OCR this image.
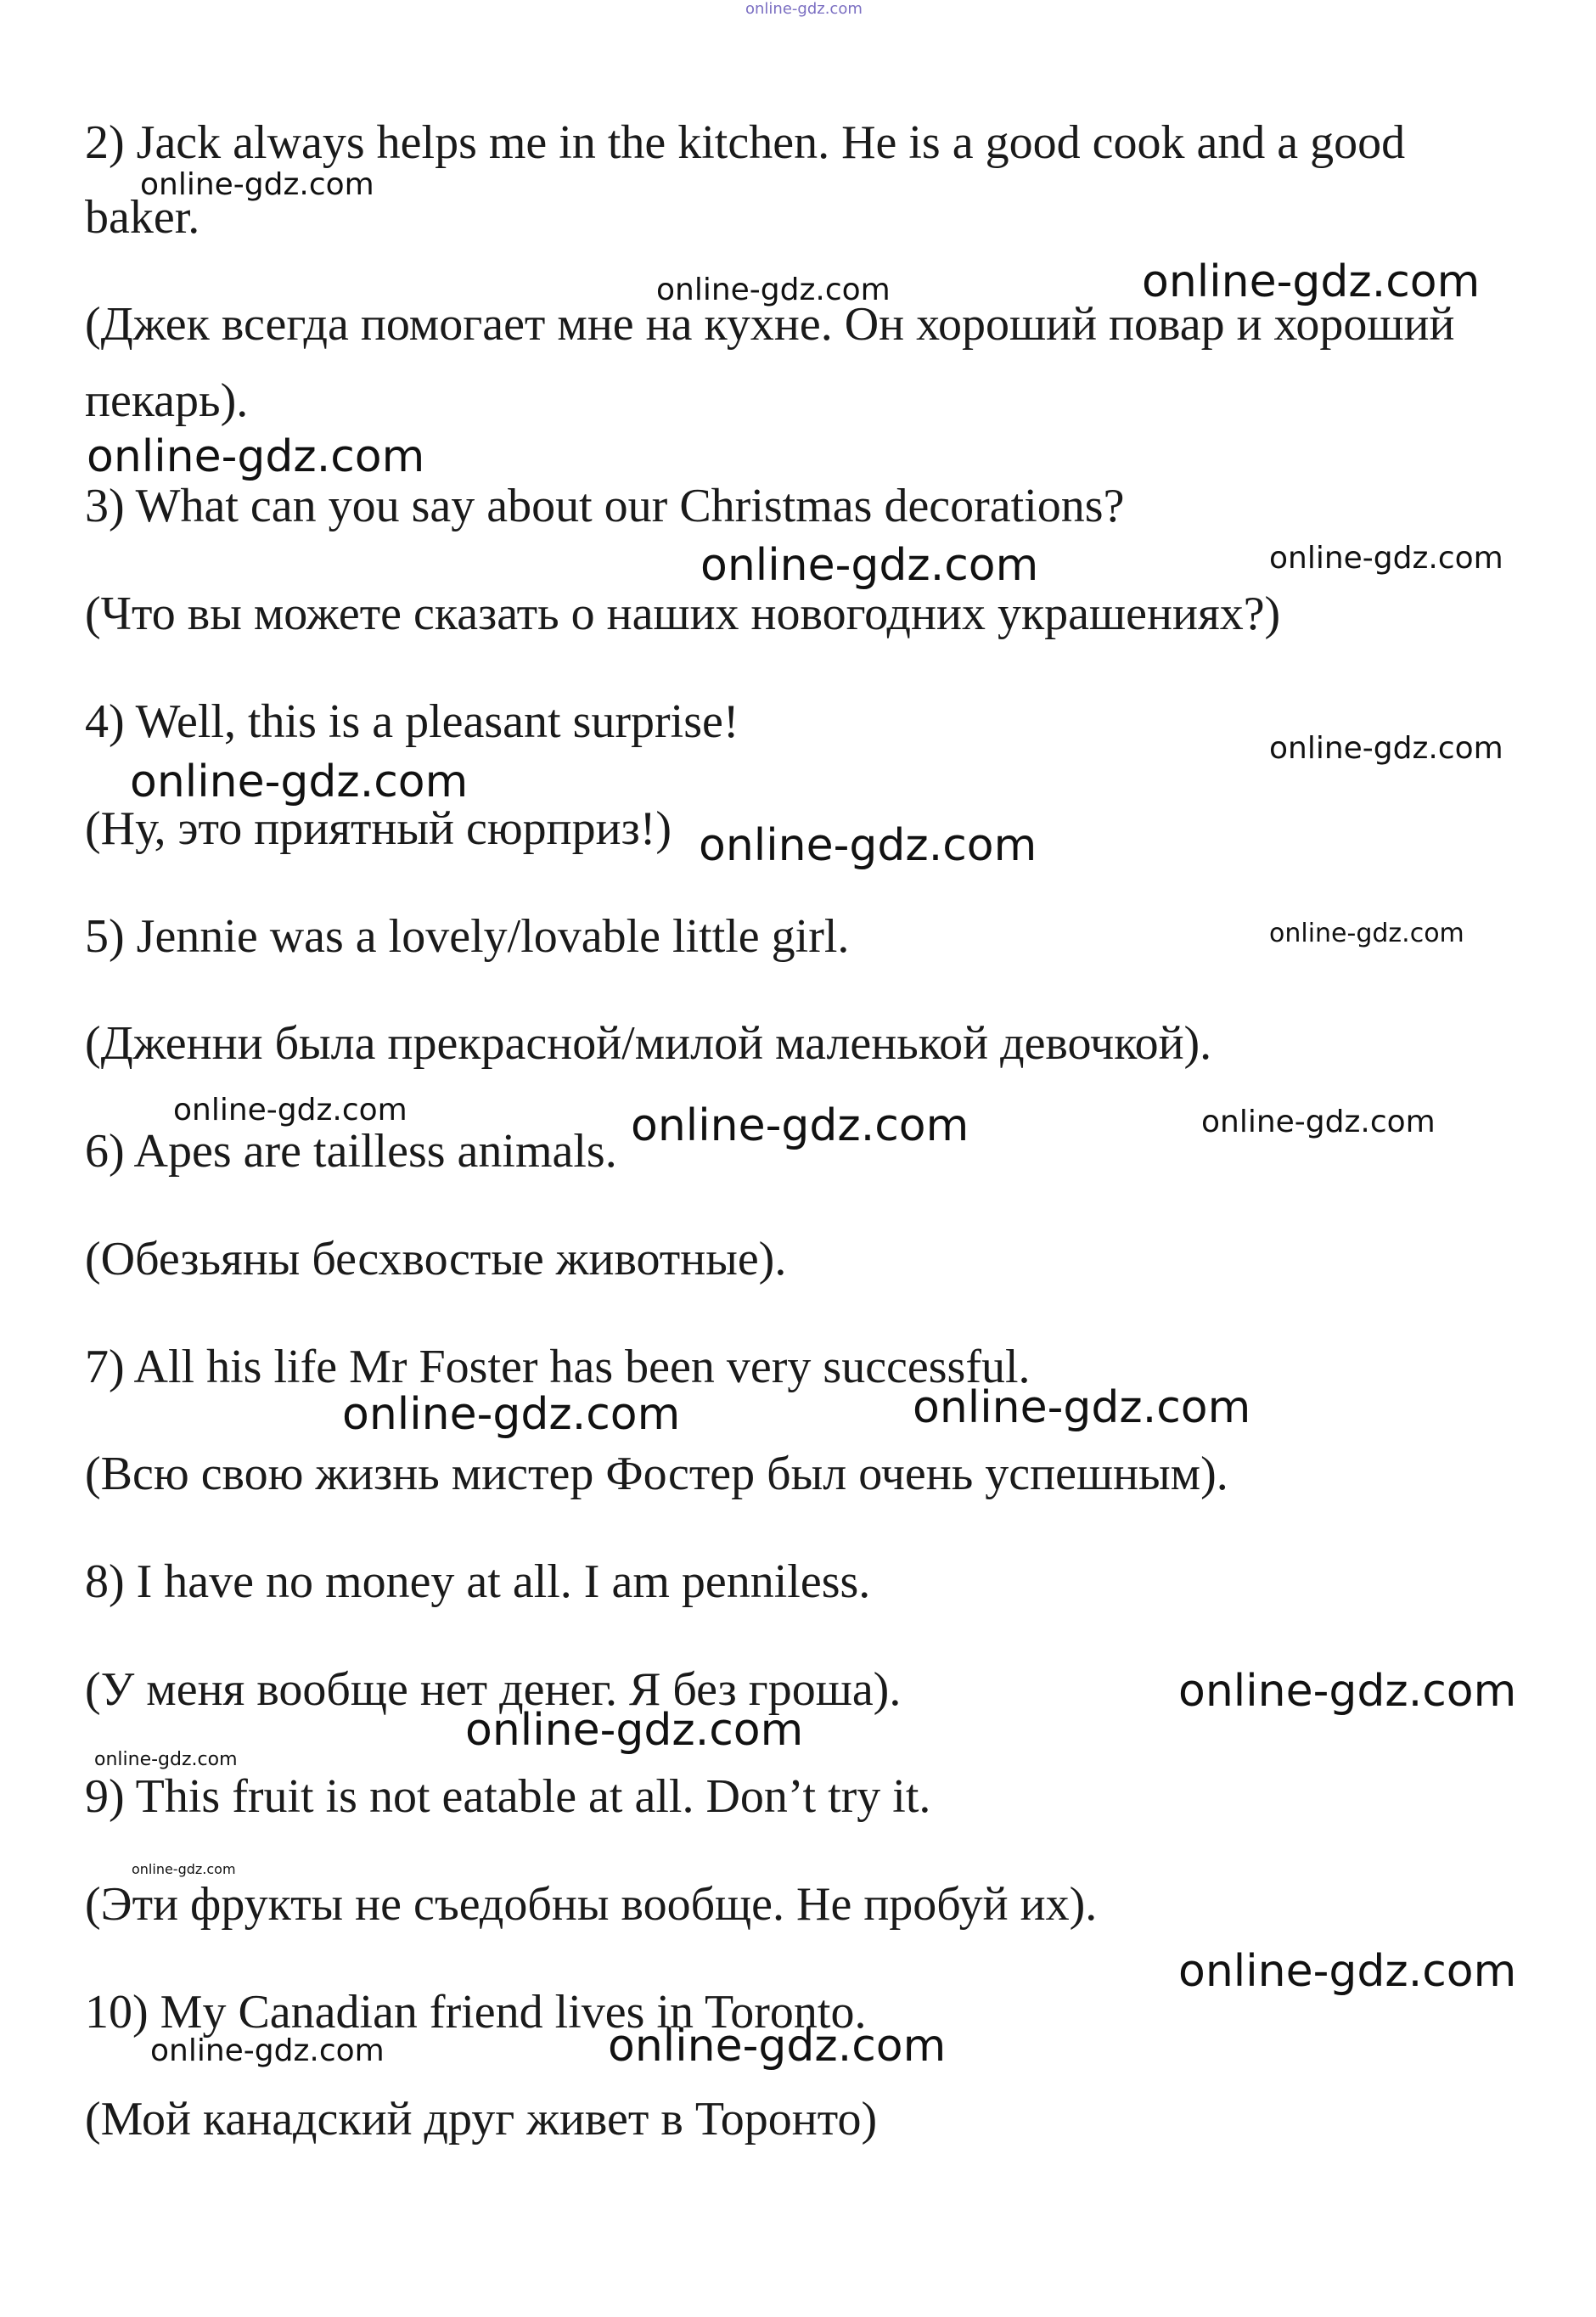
online-gdz.com
2) Jack always helps me in the kitchen. He is a good cook and a good
baker.
(Джек всегда помогает мне на кухне. Он хороший повар и хороший
пекарь).
3) What can you say about our Christmas decorations?
(Что вы можете сказать о наших новогодних украшениях?)
4) Well, this is a pleasant surprise!
(Ну, это приятный сюрприз!)
5) Jennie was a lovely/lovable little girl.
(Дженни была прекрасной/милой маленькой девочкой).
6) Apes are tailless animals.
(Обезьяны бесхвостые животные).
7) All his life Mr Foster has been very successful.
(Всю свою жизнь мистер Фостер был очень успешным).
8) I have no money at all. I am penniless.
(У меня вообще нет денег. Я без гроша).
9) This fruit is not eatable at all. Don’t try it.
(Эти фрукты не съедобны вообще. Не пробуй их).
10) My Canadian friend lives in Toronto.
(Мой канадский друг живет в Торонто)
online-gdz.com
online-gdz.com	online-gdz.com
online-gdz.com
online-gdz.com	online-gdz.com
online-gdz.com
online-gdz.com
online-gdz.com
online-gdz.com
online-gdz.com	online-gdz.com	online-gdz.com
online-gdz.com	online-gdz.com
online-gdz.com
online-gdz.com
online-gdz.com
online-gdz.com
online-gdz.com
online-gdz.com	online-gdz.com
